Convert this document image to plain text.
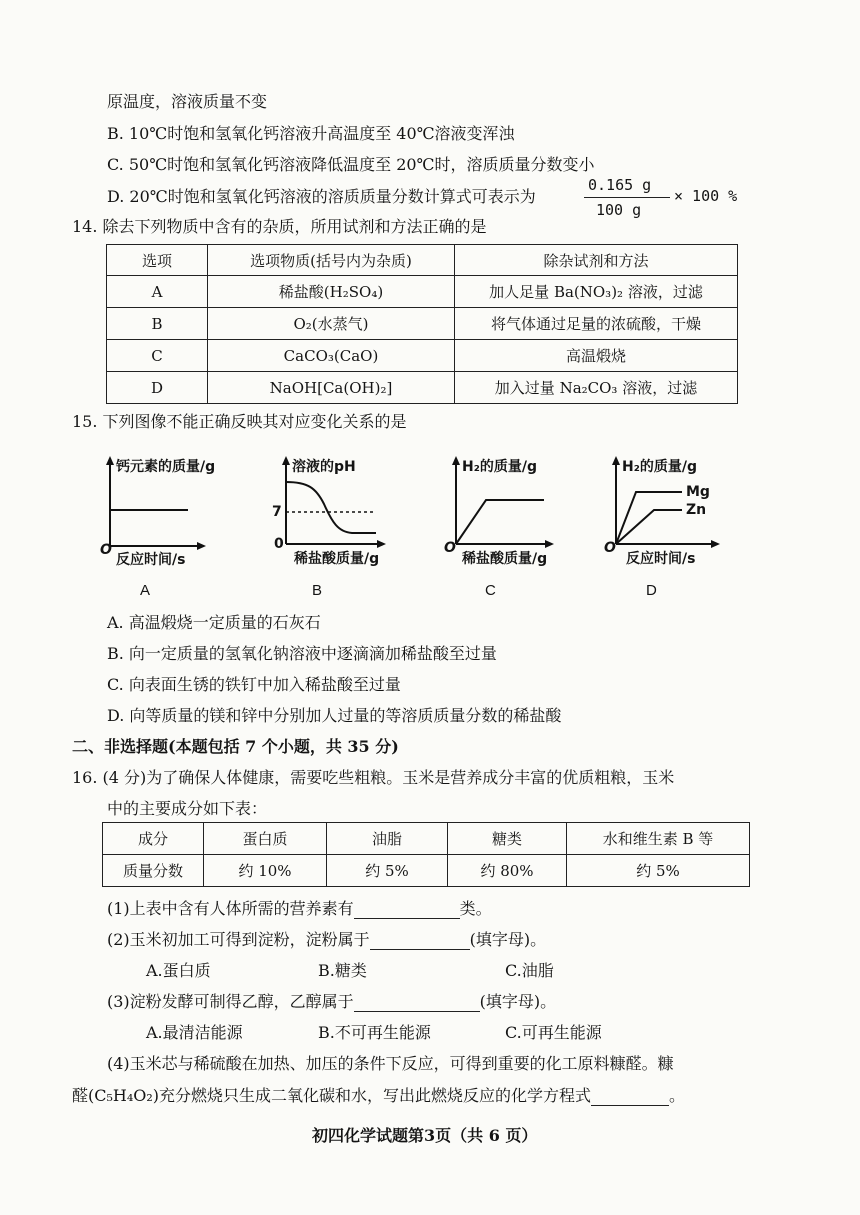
原温度，溶液质量不变
B. 10℃时饱和氢氧化钙溶液升高温度至 40℃溶液变浑浊
C. 50℃时饱和氢氧化钙溶液降低温度至 20℃时，溶质质量分数变小
D. 20℃时饱和氢氧化钙溶液的溶质质量分数计算式可表示为
0.165 g
100 g
× 100 %
14. 除去下列物质中含有的杂质，所用试剂和方法正确的是
选项	选项物质(括号内为杂质)	除杂试剂和方法
A	稀盐酸(H₂SO₄)	加人足量 Ba(NO₃)₂ 溶液，过滤
B	O₂(水蒸气)	将气体通过足量的浓硫酸，干燥
C	CaCO₃(CaO)	高温煅烧
D	NaOH[Ca(OH)₂]	加入过量 Na₂CO₃ 溶液，过滤
15. 下列图像不能正确反映其对应变化关系的是
钙元素的质量/g
反应时间/s
O
A
溶液的pH
7
0
稀盐酸质量/g
B
H₂的质量/g
O
稀盐酸质量/g
C
H₂的质量/g
Mg
Zn
O
反应时间/s
D
A. 高温煅烧一定质量的石灰石
B. 向一定质量的氢氧化钠溶液中逐滴滴加稀盐酸至过量
C. 向表面生锈的铁钉中加入稀盐酸至过量
D. 向等质量的镁和锌中分别加人过量的等溶质质量分数的稀盐酸
二、非选择题(本题包括 7 个小题，共 35 分)
16. (4 分)为了确保人体健康，需要吃些粗粮。玉米是营养成分丰富的优质粗粮，玉米
中的主要成分如下表：
成分	蛋白质	油脂	糖类	水和维生素 B 等
质量分数	约 10%	约 5%	约 80%	约 5%
(1)上表中含有人体所需的营养素有	类。
(2)玉米初加工可得到淀粉，淀粉属于	(填字母)。
A.蛋白质	B.糖类	C.油脂
(3)淀粉发酵可制得乙醇，乙醇属于	(填字母)。
A.最清洁能源	B.不可再生能源	C.可再生能源
(4)玉米芯与稀硫酸在加热、加压的条件下反应，可得到重要的化工原料糠醛。糠
醛(C₅H₄O₂)充分燃烧只生成二氧化碳和水，写出此燃烧反应的化学方程式	。
初四化学试题第3页（共 6 页）
